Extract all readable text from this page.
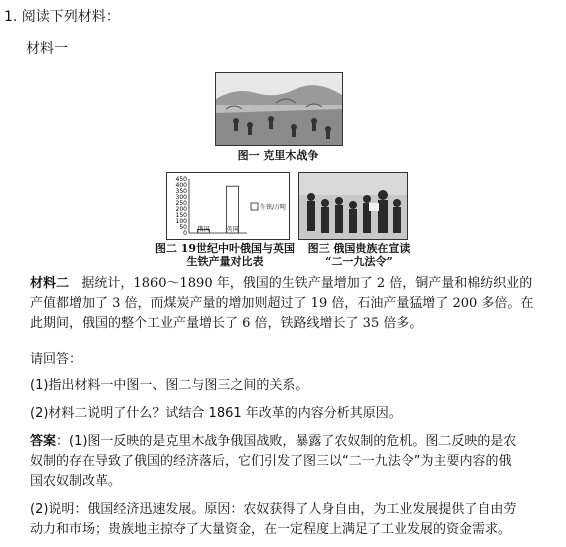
1. 阅读下列材料：
材料一
图一 克里木战争
450
400
350
300
250
200
150
100
50
0
俄国	英国
生铁/万吨
图二 19世纪中叶俄国与英国
生铁产量对比表
图三 俄国贵族在宣读
“二一九法令”
材料二 据统计，1860～1890 年，俄国的生铁产量增加了 2 倍，铜产量和棉纺织业的
产值都增加了 3 倍，而煤炭产量的增加则超过了 19 倍，石油产量猛增了 200 多倍。在
此期间，俄国的整个工业产量增长了 6 倍，铁路线增长了 35 倍多。
请回答：
(1)指出材料一中图一、图二与图三之间的关系。
(2)材料二说明了什么？试结合 1861 年改革的内容分析其原因。
答案：(1)图一反映的是克里木战争俄国战败，暴露了农奴制的危机。图二反映的是农
奴制的存在导致了俄国的经济落后，它们引发了图三以“二一九法令”为主要内容的俄
国农奴制改革。
(2)说明：俄国经济迅速发展。原因：农奴获得了人身自由，为工业发展提供了自由劳
动力和市场；贵族地主掠夺了大量资金，在一定程度上满足了工业发展的资金需求。
